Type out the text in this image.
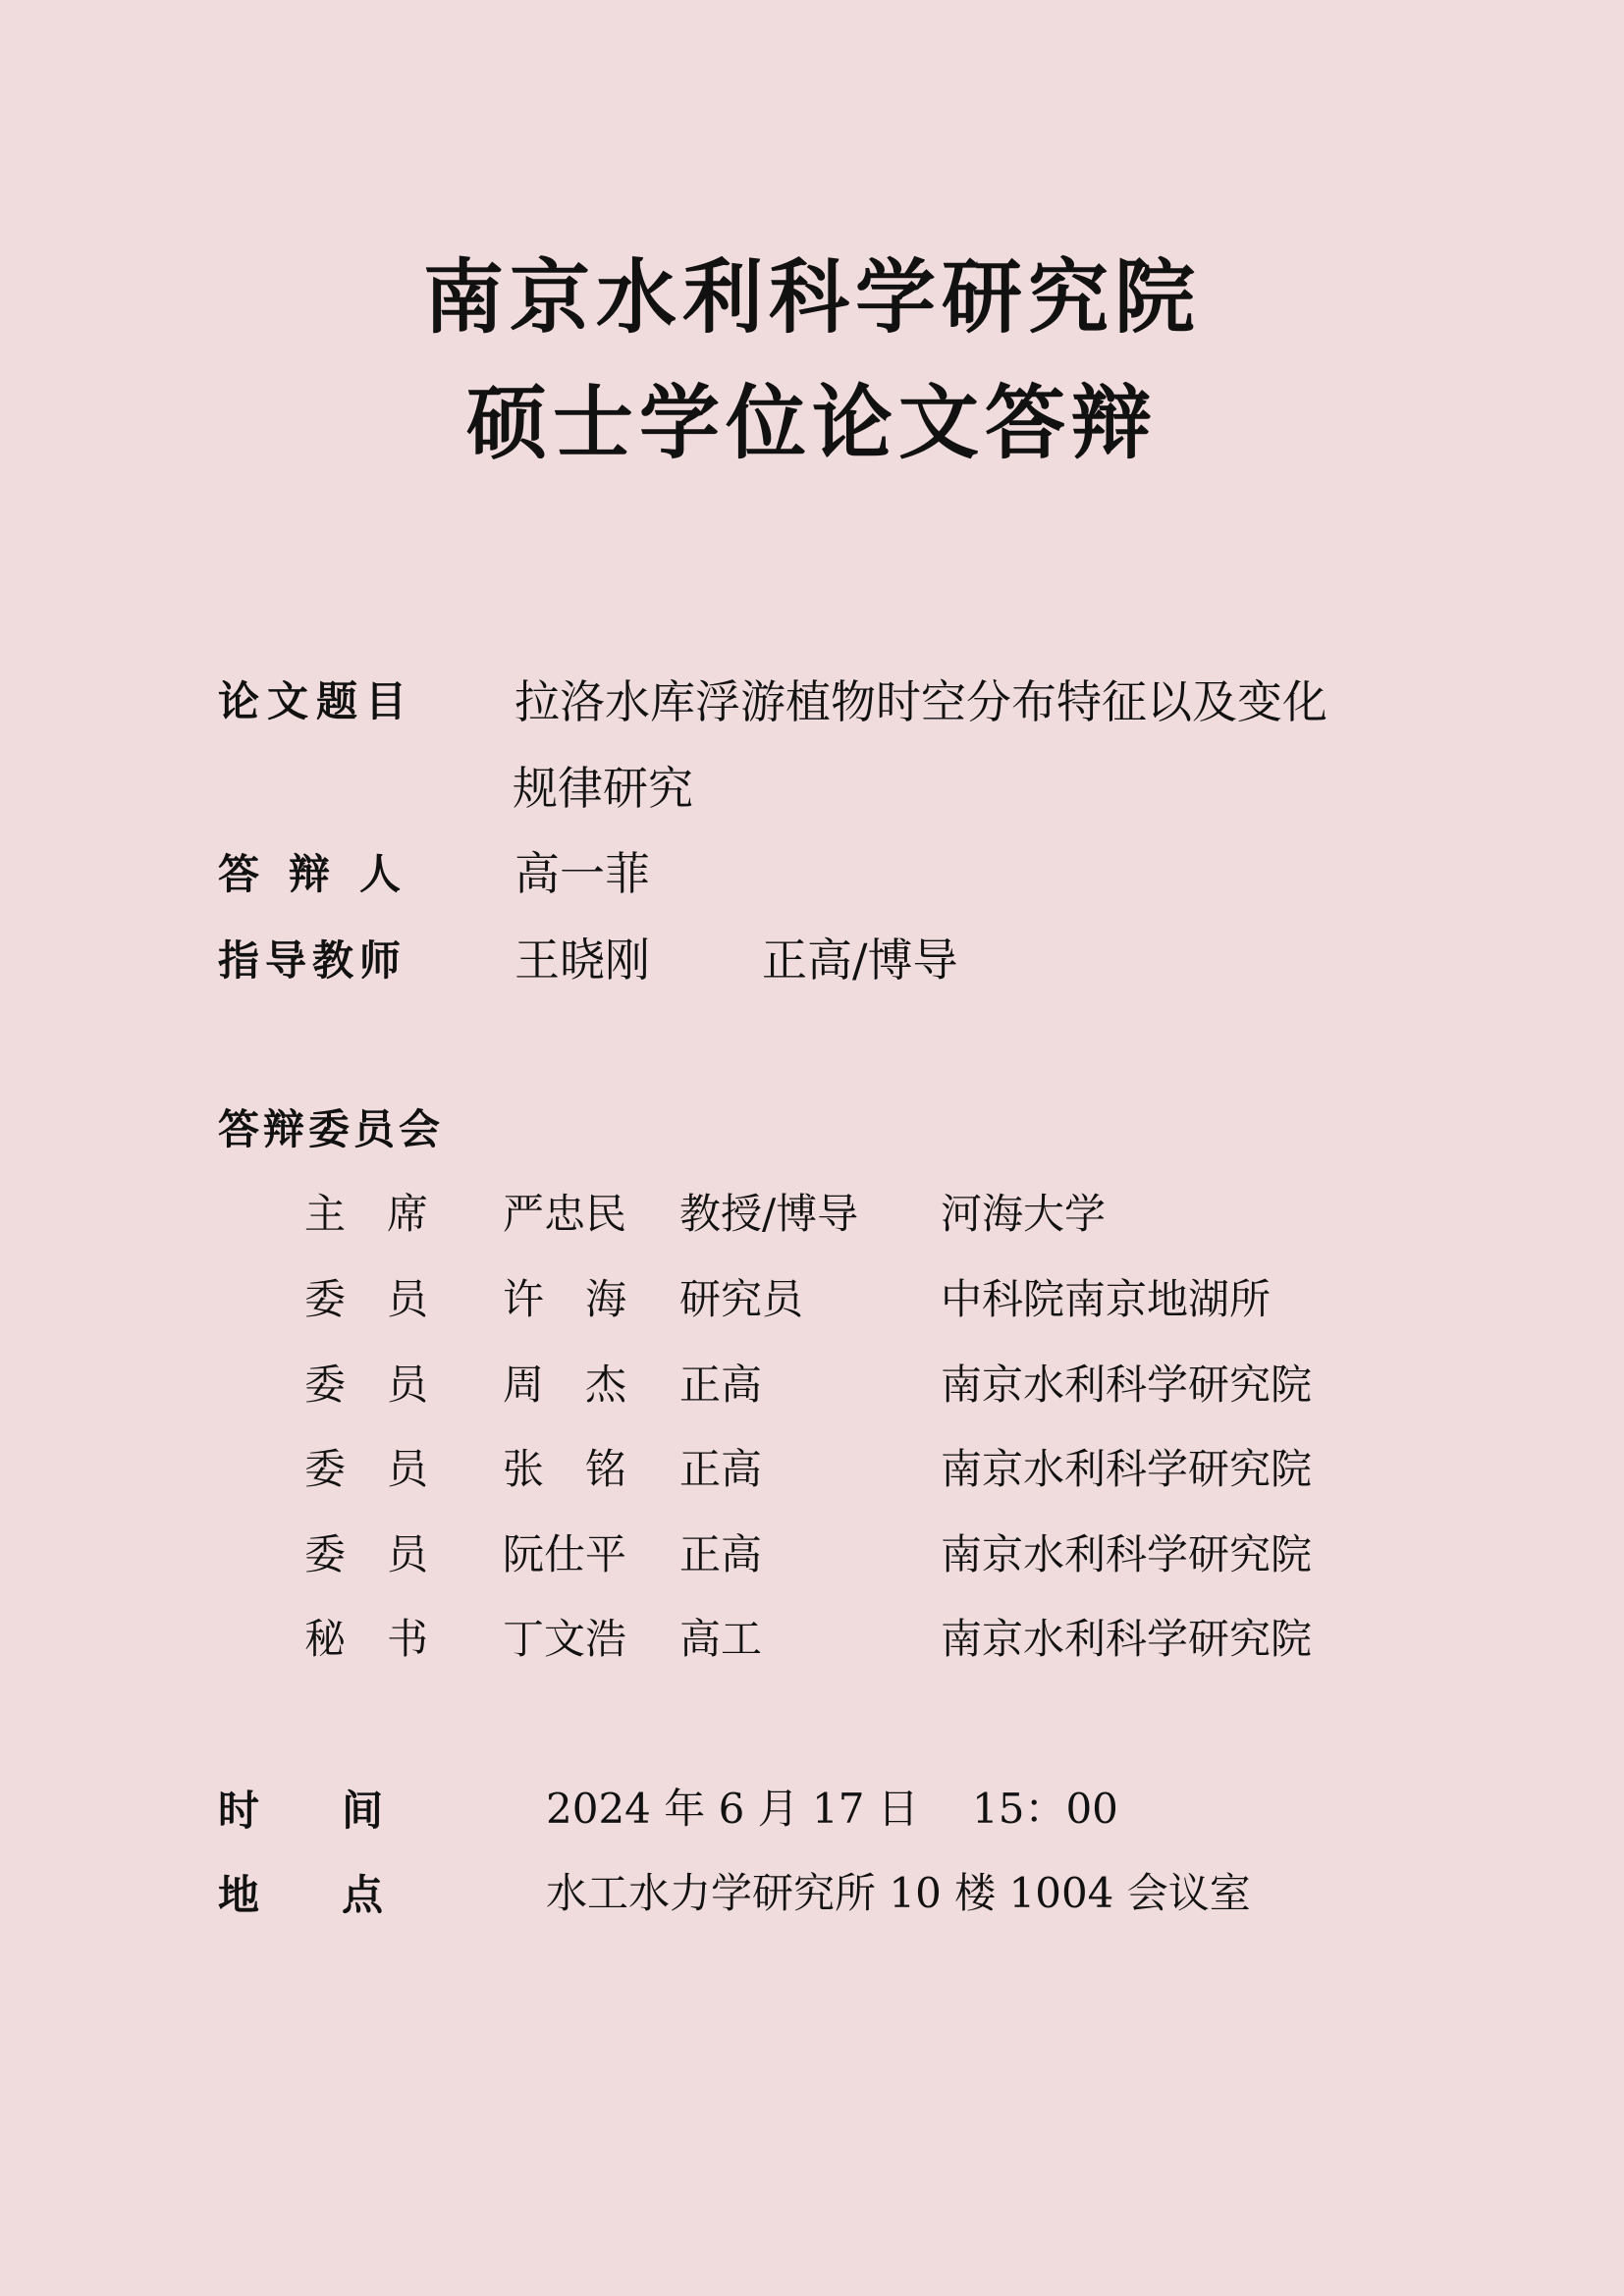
南京水利科学研究院
硕士学位论文答辩
论文题目 拉洛水库浮游植物时空分布特征以及变化
规律研究
答辩人 高一菲
指导教师 王晓刚 正高/博导
答辩委员会
主　席 严忠民 教授/博导 河海大学
委　员 许　海 研究员	中科院南京地湖所
委　员 周　杰 正高	南京水利科学研究院
委　员 张　铭 正高	南京水利科学研究院
委　员 阮仕平 正高	南京水利科学研究院
秘　书 丁文浩 高工	南京水利科学研究院
时　　间	2024 年 6 月 17 日 15：00
地　　点	水工水力学研究所 10 楼 1004 会议室
